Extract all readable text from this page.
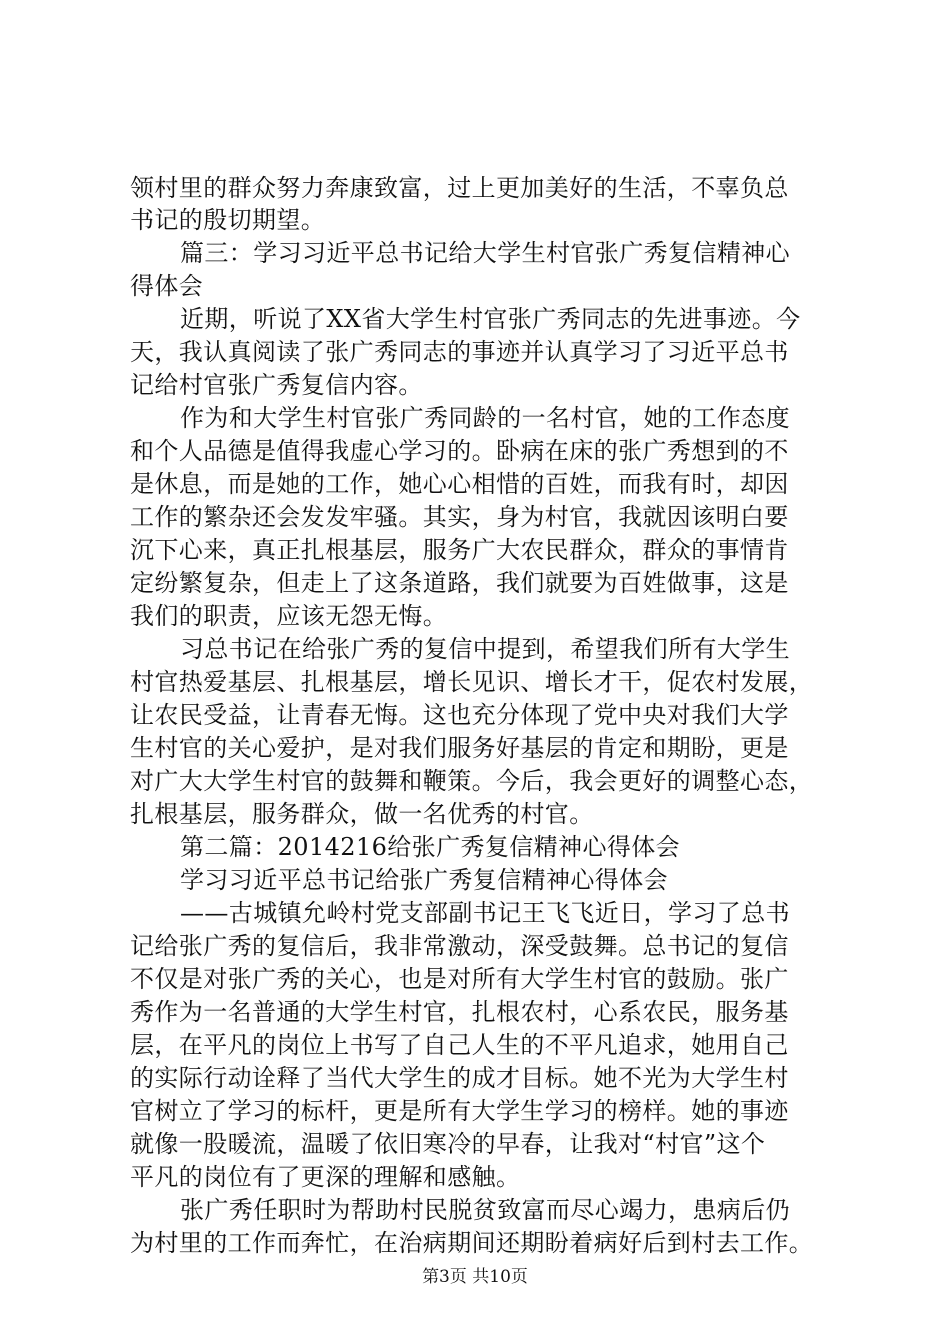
领村里的群众努力奔康致富，过上更加美好的生活，不辜负总
书记的殷切期望。
篇三：学习习近平总书记给大学生村官张广秀复信精神心
得体会
近期，听说了XX省大学生村官张广秀同志的先进事迹。今
天，我认真阅读了张广秀同志的事迹并认真学习了习近平总书
记给村官张广秀复信内容。
作为和大学生村官张广秀同龄的一名村官，她的工作态度
和个人品德是值得我虚心学习的。卧病在床的张广秀想到的不
是休息，而是她的工作，她心心相惜的百姓，而我有时，却因
工作的繁杂还会发发牢骚。其实，身为村官，我就因该明白要
沉下心来，真正扎根基层，服务广大农民群众，群众的事情肯
定纷繁复杂，但走上了这条道路，我们就要为百姓做事，这是
我们的职责，应该无怨无悔。
习总书记在给张广秀的复信中提到，希望我们所有大学生
村官热爱基层、扎根基层，增长见识、增长才干，促农村发展，
让农民受益，让青春无悔。这也充分体现了党中央对我们大学
生村官的关心爱护，是对我们服务好基层的肯定和期盼，更是
对广大大学生村官的鼓舞和鞭策。今后，我会更好的调整心态，
扎根基层，服务群众，做一名优秀的村官。
第二篇：2014216给张广秀复信精神心得体会
学习习近平总书记给张广秀复信精神心得体会
——古城镇允岭村党支部副书记王飞飞近日，学习了总书
记给张广秀的复信后，我非常激动，深受鼓舞。总书记的复信
不仅是对张广秀的关心，也是对所有大学生村官的鼓励。张广
秀作为一名普通的大学生村官，扎根农村，心系农民，服务基
层，在平凡的岗位上书写了自己人生的不平凡追求，她用自己
的实际行动诠释了当代大学生的成才目标。她不光为大学生村
官树立了学习的标杆，更是所有大学生学习的榜样。她的事迹
就像一股暖流，温暖了依旧寒冷的早春，让我对“村官”这个
平凡的岗位有了更深的理解和感触。
张广秀任职时为帮助村民脱贫致富而尽心竭力，患病后仍
为村里的工作而奔忙，在治病期间还期盼着病好后到村去工作。
第3页 共10页
